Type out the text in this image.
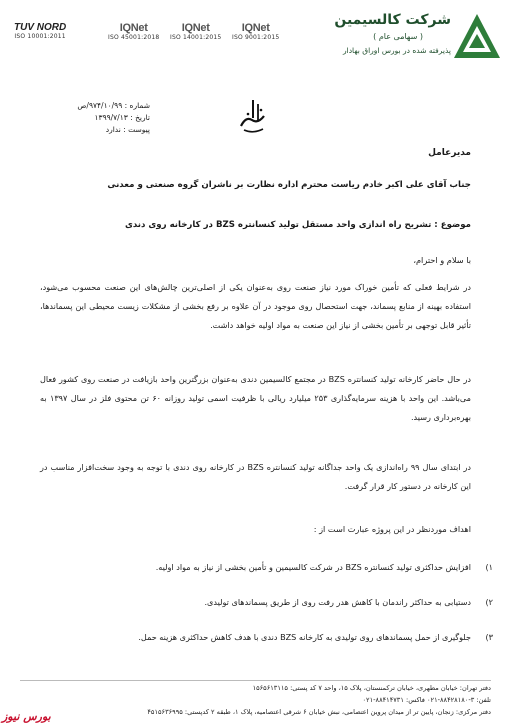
TUV NORD
ISO 10001:2011
IQNet
ISO 45001:2018
IQNet
ISO 14001:2015
IQNet
ISO 9001:2015
شرکت کالسیمین
( سهامی عام )
پذیرفته شده در بورس اوراق بهادار
شماره : ۹۷۴/۱۰/۹۹/ص
تاریخ : ۱۳۹۹/۷/۱۳
پیوست : ندارد
مدیرعامل
جناب آقای علی اکبر خادم ریاست محترم اداره نظارت بر ناشران گروه صنعتی و معدنی
موضوع : تشریح راه اندازی واحد مستقل تولید کنسانتره BZS در کارخانه روی دندی
با سلام و احترام،
در شرایط فعلی که تأمین خوراک مورد نیاز صنعت روی به‌عنوان یکی از اصلی‌ترین چالش‌های این صنعت محسوب می‌شود، استفاده بهینه از منابع پسماند، جهت استحصال روی موجود در آن علاوه بر رفع بخشی از مشکلات زیست محیطی این پسماندها، تأثیر قابل توجهی بر تأمین بخشی از نیاز این صنعت به مواد اولیه خواهد داشت.
در حال حاضر کارخانه تولید کنسانتره BZS در مجتمع کالسیمین دندی به‌عنوان بزرگترین واحد بازیافت در صنعت روی کشور فعال می‌باشد. این واحد با هزینه سرمایه‌گذاری ۲۵۳ میلیارد ریالی با ظرفیت اسمی تولید روزانه ۶۰ تن محتوی فلز در سال ۱۳۹۷ به بهره‌برداری رسید.
در ابتدای سال ۹۹ راه‌اندازی یک واحد جداگانه تولید کنسانتره BZS در کارخانه روی دندی با توجه به وجود سخت‌افزار مناسب در این کارخانه در دستور کار قرار گرفت.
اهداف موردنظر در این پروژه عبارت است از :
۱)
افزایش حداکثری تولید کنسانتره BZS در شرکت کالسیمین و تأمین بخشی از نیاز به مواد اولیه.
۲)
دستیابی به حداکثر راندمان با کاهش هدر رفت روی از طریق پسماندهای تولیدی.
۳)
جلوگیری از حمل پسماندهای روی تولیدی به کارخانه BZS دندی با هدف کاهش حداکثری هزینه حمل.
دفتر تهران: خیابان مطهری، خیابان ترکمنستان، پلاک ۱۵، واحد ۷ کد پستی: ۱۵۶۵۶۱۳۱۱۵
تلفن: ۳-۸۸۴۲۸۱۸۰-۰۲۱ فاکس: ۸۸۴۱۴۷۳۱-۰۲۱
دفتر مرکزی: زنجان، پایین تر از میدان پروین اعتصامی، نبش خیابان ۶ شرقی اعتصامیه، پلاک ۱، طبقه ۲ کدپستی: ۴۵۱۵۶۳۶۹۹۵
بورس نیوز
